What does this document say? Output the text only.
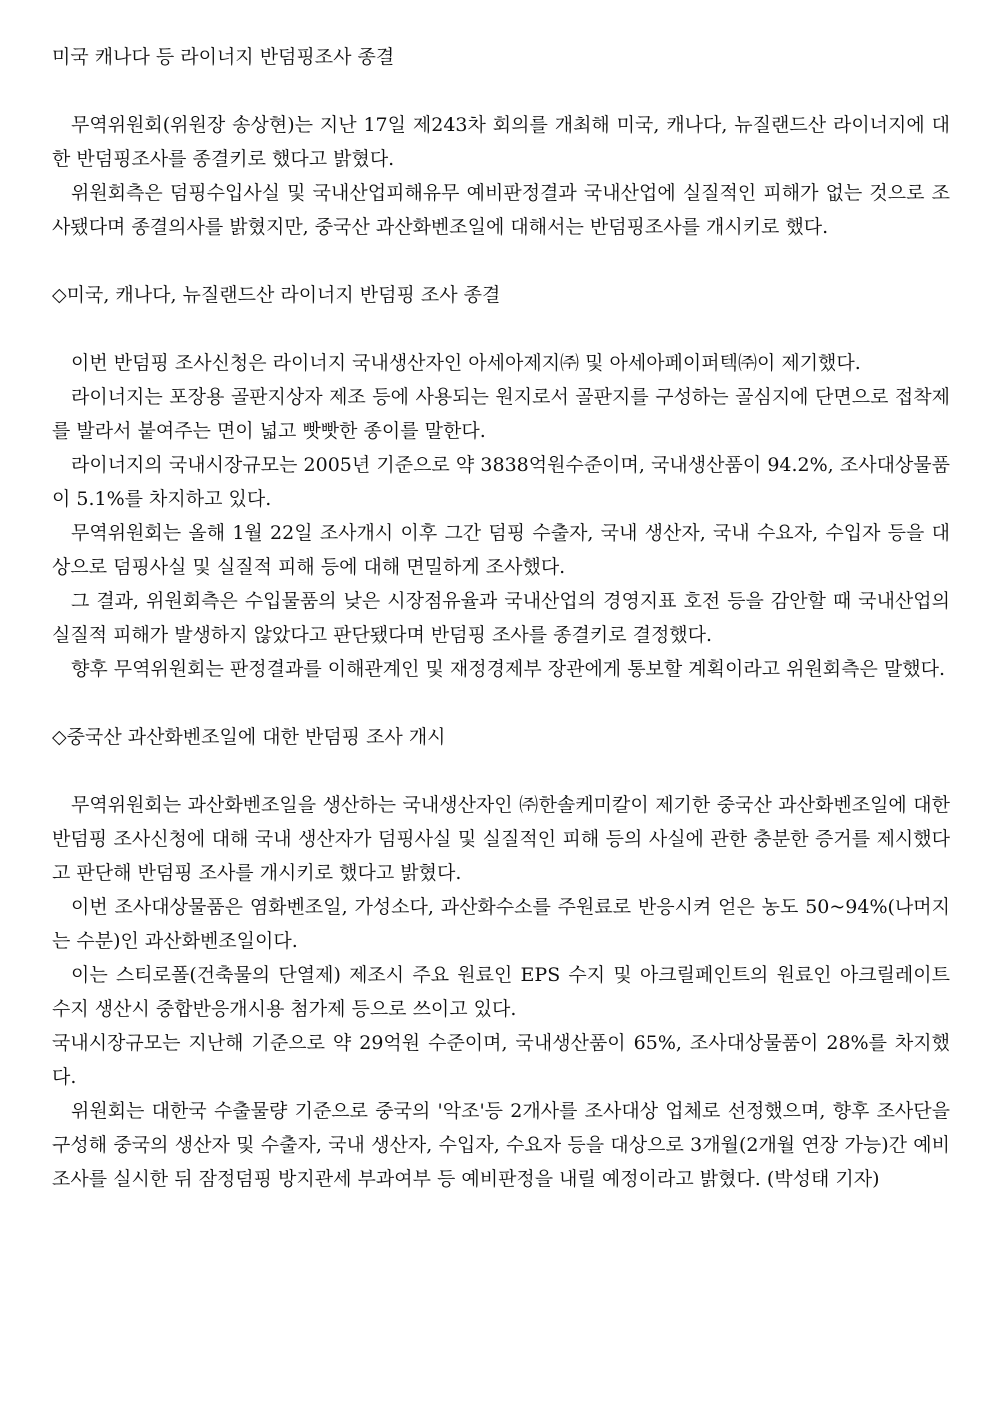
미국 캐나다 등 라이너지 반덤핑조사 종결

무역위원회(위원장 송상현)는 지난 17일 제243차 회의를 개최해 미국, 캐나다, 뉴질랜드산 라이너지에 대한 반덤핑조사를 종결키로 했다고 밝혔다.

위원회측은 덤핑수입사실 및 국내산업피해유무 예비판정결과 국내산업에 실질적인 피해가 없는 것으로 조사됐다며 종결의사를 밝혔지만, 중국산 과산화벤조일에 대해서는 반덤핑조사를 개시키로 했다.

◇미국, 캐나다, 뉴질랜드산 라이너지 반덤핑 조사 종결

이번 반덤핑 조사신청은 라이너지 국내생산자인 아세아제지㈜ 및 아세아페이퍼텍㈜이 제기했다.

라이너지는 포장용 골판지상자 제조 등에 사용되는 원지로서 골판지를 구성하는 골심지에 단면으로 접착제를 발라서 붙여주는 면이 넓고 빳빳한 종이를 말한다.

라이너지의 국내시장규모는 2005년 기준으로 약 3838억원수준이며, 국내생산품이 94.2%, 조사대상물품이 5.1%를 차지하고 있다.

무역위원회는 올해 1월 22일 조사개시 이후 그간 덤핑 수출자, 국내 생산자, 국내 수요자, 수입자 등을 대상으로 덤핑사실 및 실질적 피해 등에 대해 면밀하게 조사했다.

그 결과, 위원회측은 수입물품의 낮은 시장점유율과 국내산업의 경영지표 호전 등을 감안할 때 국내산업의 실질적 피해가 발생하지 않았다고 판단됐다며 반덤핑 조사를 종결키로 결정했다.

향후 무역위원회는 판정결과를 이해관계인 및 재정경제부 장관에게 통보할 계획이라고 위원회측은 말했다.

◇중국산 과산화벤조일에 대한 반덤핑 조사 개시

무역위원회는 과산화벤조일을 생산하는 국내생산자인 ㈜한솔케미칼이 제기한 중국산 과산화벤조일에 대한 반덤핑 조사신청에 대해 국내 생산자가 덤핑사실 및 실질적인 피해 등의 사실에 관한 충분한 증거를 제시했다고 판단해 반덤핑 조사를 개시키로 했다고 밝혔다.

이번 조사대상물품은 염화벤조일, 가성소다, 과산화수소를 주원료로 반응시켜 얻은 농도 50~94%(나머지는 수분)인 과산화벤조일이다.

이는 스티로폴(건축물의 단열제) 제조시 주요 원료인 EPS 수지 및 아크릴페인트의 원료인 아크릴레이트 수지 생산시 중합반응개시용 첨가제 등으로 쓰이고 있다.

국내시장규모는 지난해 기준으로 약 29억원 수준이며, 국내생산품이 65%, 조사대상물품이 28%를 차지했다.

위원회는 대한국 수출물량 기준으로 중국의 '악조'등 2개사를 조사대상 업체로 선정했으며, 향후 조사단을 구성해 중국의 생산자 및 수출자, 국내 생산자, 수입자, 수요자 등을 대상으로 3개월(2개월 연장 가능)간 예비조사를 실시한 뒤 잠정덤핑 방지관세 부과여부 등 예비판정을 내릴 예정이라고 밝혔다. (박성태 기자)
